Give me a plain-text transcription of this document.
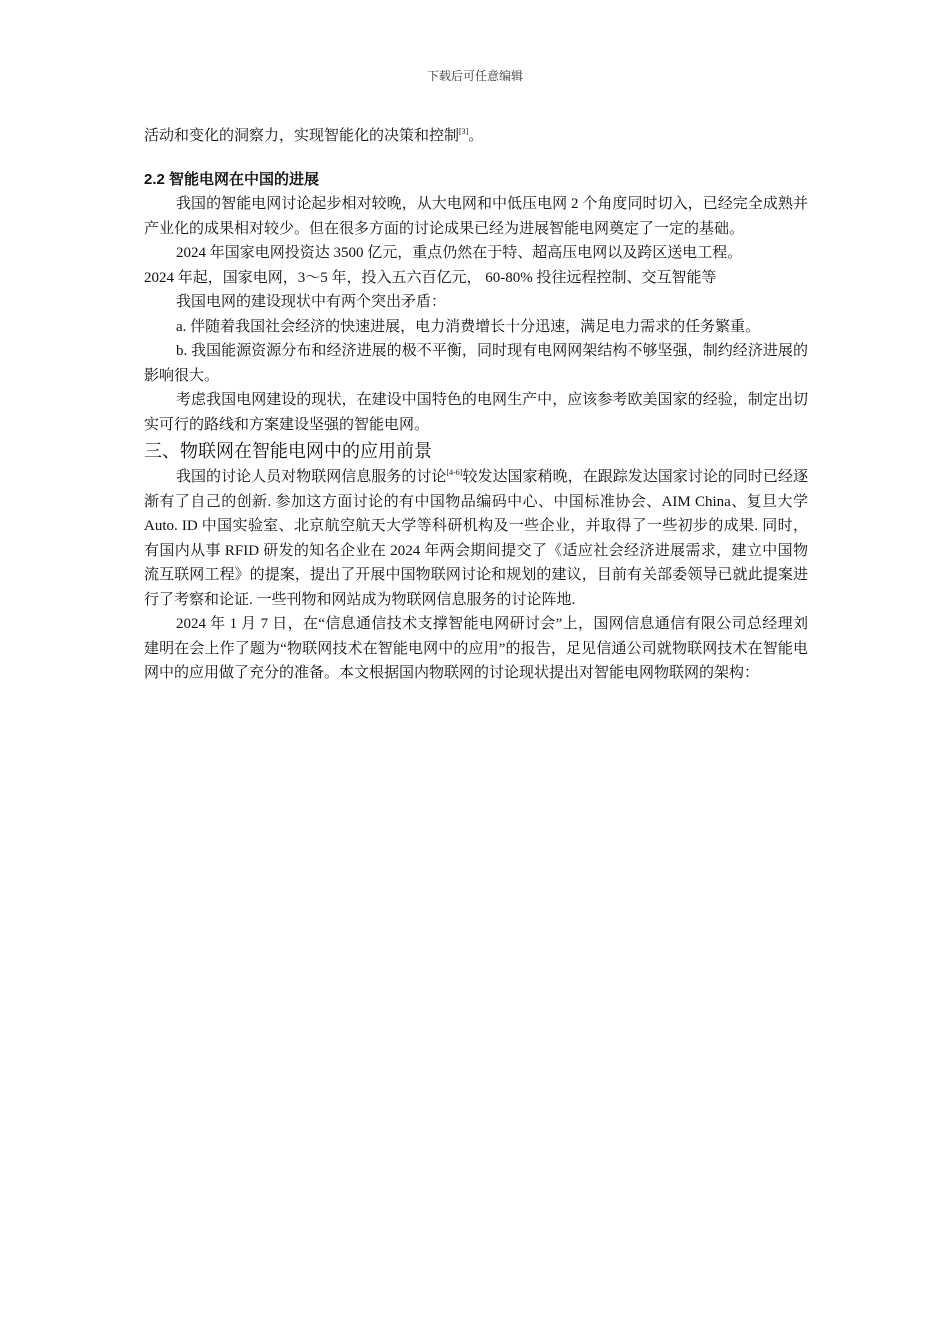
下载后可任意编辑

活动和变化的洞察力，实现智能化的决策和控制[3]。

2.2 智能电网在中国的进展

我国的智能电网讨论起步相对较晚，从大电网和中低压电网 2 个角度同时切入，已经完全成熟并产业化的成果相对较少。但在很多方面的讨论成果已经为进展智能电网奠定了一定的基础。

2024 年国家电网投资达 3500 亿元，重点仍然在于特、超高压电网以及跨区送电工程。

2024 年起，国家电网，3～5 年，投入五六百亿元， 60-80% 投往远程控制、交互智能等

我国电网的建设现状中有两个突出矛盾：

a. 伴随着我国社会经济的快速进展，电力消费增长十分迅速，满足电力需求的任务繁重。

b. 我国能源资源分布和经济进展的极不平衡，同时现有电网网架结构不够坚强，制约经济进展的影响很大。

考虑我国电网建设的现状，在建设中国特色的电网生产中，应该参考欧美国家的经验，制定出切实可行的路线和方案建设坚强的智能电网。

三、物联网在智能电网中的应用前景

我国的讨论人员对物联网信息服务的讨论[4-6]较发达国家稍晚，在跟踪发达国家讨论的同时已经逐渐有了自己的创新. 参加这方面讨论的有中国物品编码中心、中国标准协会、AIM China、复旦大学 Auto. ID 中国实验室、北京航空航天大学等科研机构及一些企业，并取得了一些初步的成果. 同时，有国内从事 RFID 研发的知名企业在 2024 年两会期间提交了《适应社会经济进展需求，建立中国物流互联网工程》的提案，提出了开展中国物联网讨论和规划的建议，目前有关部委领导已就此提案进行了考察和论证. 一些刊物和网站成为物联网信息服务的讨论阵地.

2024 年 1 月 7 日，在“信息通信技术支撑智能电网研讨会”上，国网信息通信有限公司总经理刘建明在会上作了题为“物联网技术在智能电网中的应用”的报告，足见信通公司就物联网技术在智能电网中的应用做了充分的准备。本文根据国内物联网的讨论现状提出对智能电网物联网的架构：
